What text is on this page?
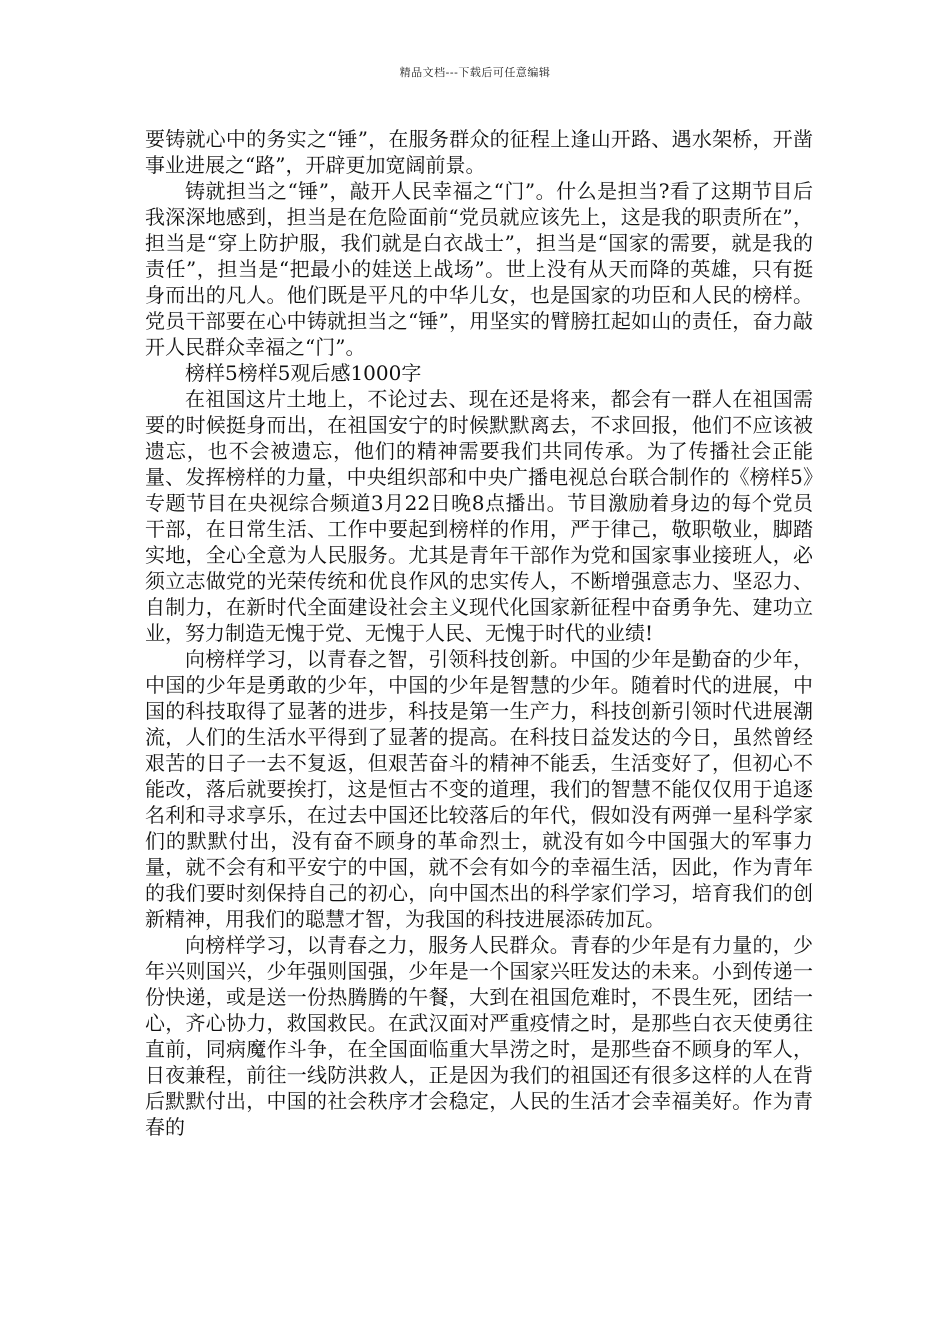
精品文档---下载后可任意编辑

要铸就心中的务实之“锤”，在服务群众的征程上逢山开路、遇水架桥，开凿事业进展之“路”，开辟更加宽阔前景。

铸就担当之“锤”，敲开人民幸福之“门”。什么是担当?看了这期节目后我深深地感到，担当是在危险面前“党员就应该先上，这是我的职责所在”，担当是“穿上防护服，我们就是白衣战士”，担当是“国家的需要，就是我的责任”，担当是“把最小的娃送上战场”。世上没有从天而降的英雄，只有挺身而出的凡人。他们既是平凡的中华儿女，也是国家的功臣和人民的榜样。党员干部要在心中铸就担当之“锤”，用坚实的臂膀扛起如山的责任，奋力敲开人民群众幸福之“门”。

榜样5榜样5观后感1000字

在祖国这片土地上，不论过去、现在还是将来，都会有一群人在祖国需要的时候挺身而出，在祖国安宁的时候默默离去，不求回报，他们不应该被遗忘，也不会被遗忘，他们的精神需要我们共同传承。为了传播社会正能量、发挥榜样的力量，中央组织部和中央广播电视总台联合制作的《榜样5》专题节目在央视综合频道3月22日晚8点播出。节目激励着身边的每个党员干部，在日常生活、工作中要起到榜样的作用，严于律己，敬职敬业，脚踏实地，全心全意为人民服务。尤其是青年干部作为党和国家事业接班人，必须立志做党的光荣传统和优良作风的忠实传人，不断增强意志力、坚忍力、自制力，在新时代全面建设社会主义现代化国家新征程中奋勇争先、建功立业，努力制造无愧于党、无愧于人民、无愧于时代的业绩!

向榜样学习，以青春之智，引领科技创新。中国的少年是勤奋的少年，中国的少年是勇敢的少年，中国的少年是智慧的少年。随着时代的进展，中国的科技取得了显著的进步，科技是第一生产力，科技创新引领时代进展潮流，人们的生活水平得到了显著的提高。在科技日益发达的今日，虽然曾经艰苦的日子一去不复返，但艰苦奋斗的精神不能丢，生活变好了，但初心不能改，落后就要挨打，这是恒古不变的道理，我们的智慧不能仅仅用于追逐名利和寻求享乐，在过去中国还比较落后的年代，假如没有两弹一星科学家们的默默付出，没有奋不顾身的革命烈士，就没有如今中国强大的军事力量，就不会有和平安宁的中国，就不会有如今的幸福生活，因此，作为青年的我们要时刻保持自己的初心，向中国杰出的科学家们学习，培育我们的创新精神，用我们的聪慧才智，为我国的科技进展添砖加瓦。

向榜样学习，以青春之力，服务人民群众。青春的少年是有力量的，少年兴则国兴，少年强则国强，少年是一个国家兴旺发达的未来。小到传递一份快递，或是送一份热腾腾的午餐，大到在祖国危难时，不畏生死，团结一心，齐心协力，救国救民。在武汉面对严重疫情之时，是那些白衣天使勇往直前，同病魔作斗争，在全国面临重大旱涝之时，是那些奋不顾身的军人，日夜兼程，前往一线防洪救人，正是因为我们的祖国还有很多这样的人在背后默默付出，中国的社会秩序才会稳定，人民的生活才会幸福美好。作为青春的
